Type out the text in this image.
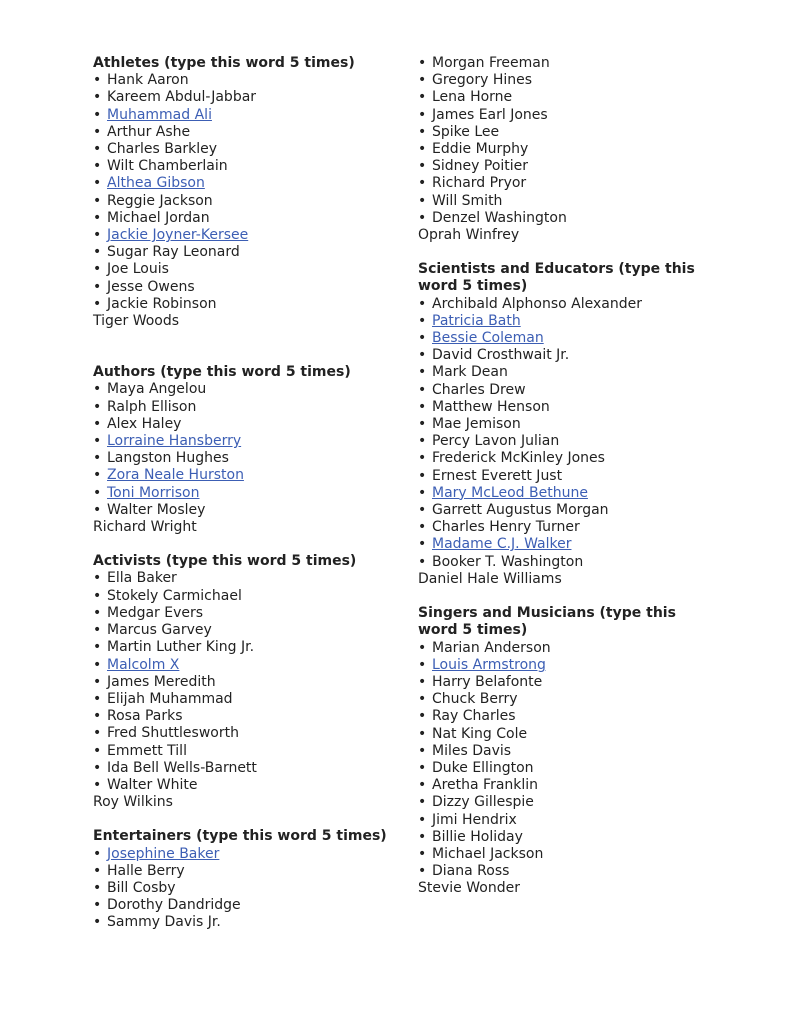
Athletes (type this word 5 times)
• Hank Aaron
• Kareem Abdul-Jabbar
• Muhammad Ali
• Arthur Ashe
• Charles Barkley
• Wilt Chamberlain
• Althea Gibson
• Reggie Jackson
• Michael Jordan
• Jackie Joyner-Kersee
• Sugar Ray Leonard
• Joe Louis
• Jesse Owens
• Jackie Robinson
Tiger Woods
Authors (type this word 5 times)
• Maya Angelou
• Ralph Ellison
• Alex Haley
• Lorraine Hansberry
• Langston Hughes
• Zora Neale Hurston
• Toni Morrison
• Walter Mosley
Richard Wright
Activists (type this word 5 times)
• Ella Baker
• Stokely Carmichael
• Medgar Evers
• Marcus Garvey
• Martin Luther King Jr.
• Malcolm X
• James Meredith
• Elijah Muhammad
• Rosa Parks
• Fred Shuttlesworth
• Emmett Till
• Ida Bell Wells-Barnett
• Walter White
Roy Wilkins
Entertainers (type this word 5 times)
• Josephine Baker
• Halle Berry
• Bill Cosby
• Dorothy Dandridge
• Sammy Davis Jr.
• Morgan Freeman
• Gregory Hines
• Lena Horne
• James Earl Jones
• Spike Lee
• Eddie Murphy
• Sidney Poitier
• Richard Pryor
• Will Smith
• Denzel Washington
Oprah Winfrey
Scientists and Educators (type this word 5 times)
• Archibald Alphonso Alexander
• Patricia Bath
• Bessie Coleman
• David Crosthwait Jr.
• Mark Dean
• Charles Drew
• Matthew Henson
• Mae Jemison
• Percy Lavon Julian
• Frederick McKinley Jones
• Ernest Everett Just
• Mary McLeod Bethune
• Garrett Augustus Morgan
• Charles Henry Turner
• Madame C.J. Walker
• Booker T. Washington
Daniel Hale Williams
Singers and Musicians (type this word 5 times)
• Marian Anderson
• Louis Armstrong
• Harry Belafonte
• Chuck Berry
• Ray Charles
• Nat King Cole
• Miles Davis
• Duke Ellington
• Aretha Franklin
• Dizzy Gillespie
• Jimi Hendrix
• Billie Holiday
• Michael Jackson
• Diana Ross
Stevie Wonder
